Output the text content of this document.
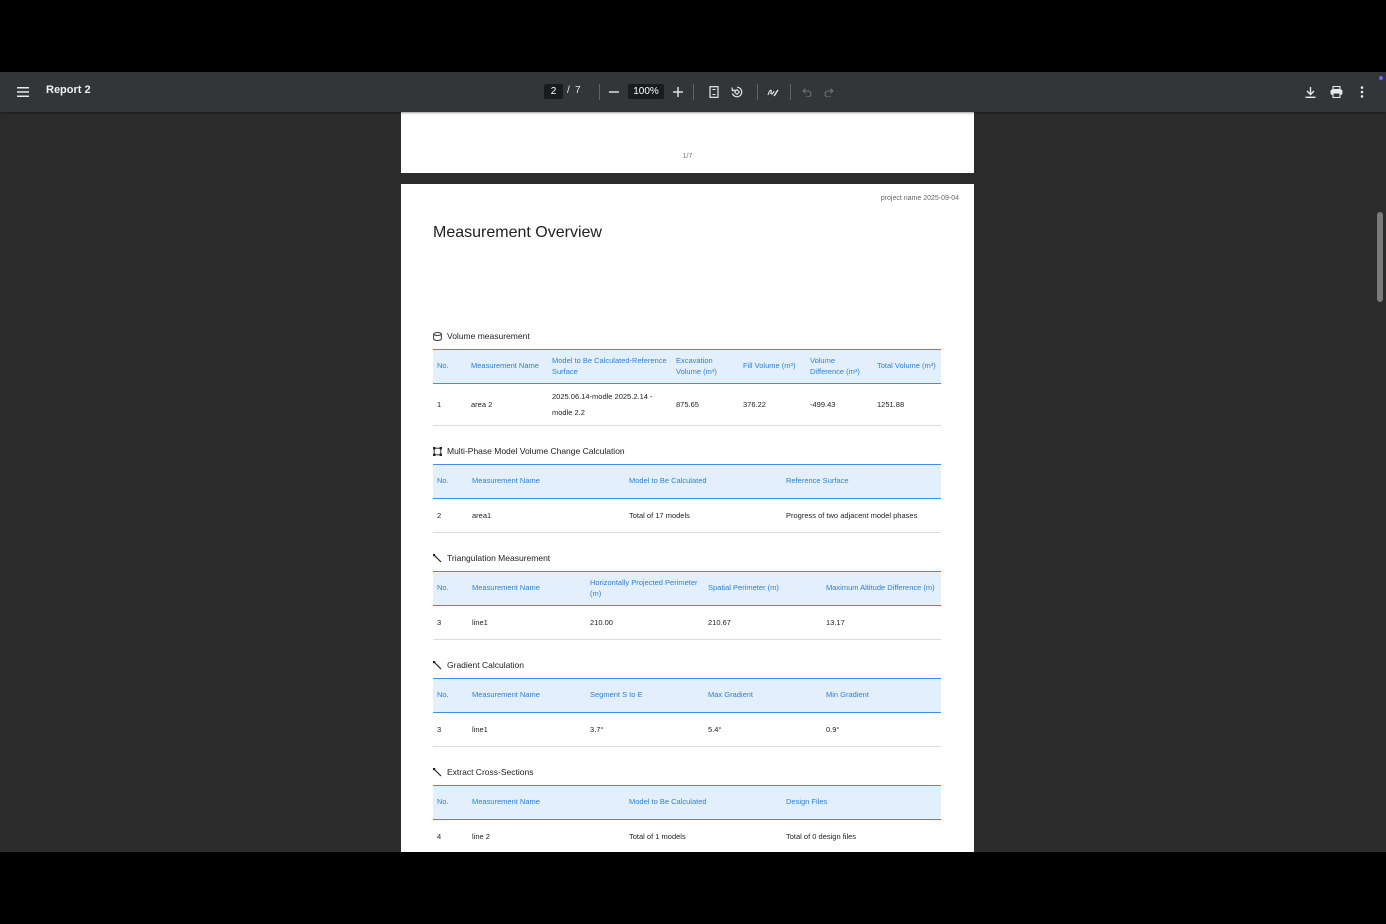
Report 2	2	/ 7	100%
1/7
project name 2025-09-04
Measurement Overview
Volume measurement
No.	Measurement Name	Model to Be Calculated-Reference Surface	Excavation Volume (m³)	Fill Volume (m³)	Volume Difference (m³)	Total Volume (m³)
1	area 2	2025.06.14-modle 2025.2.14 -modle 2.2	875.65	376.22	-499.43	1251.88
Multi-Phase Model Volume Change Calculation
No.	Measurement Name	Model to Be Calculated	Reference Surface
2	area1	Total of 17 models	Progress of two adjacent model phases
Triangulation Measurement
No.	Measurement Name	Horizontally Projected Perimeter (m)	Spatial Perimeter (m)	Maximum Altitude Difference (m)
3	line1	210.00	210.67	13.17
Gradient Calculation
No.	Measurement Name	Segment S to E	Max Gradient	Min Gradient
3	line1	3.7°	5.4°	0.9°
Extract Cross-Sections
No.	Measurement Name	Model to Be Calculated	Design Files
4	line 2	Total of 1 models	Total of 0 design files
